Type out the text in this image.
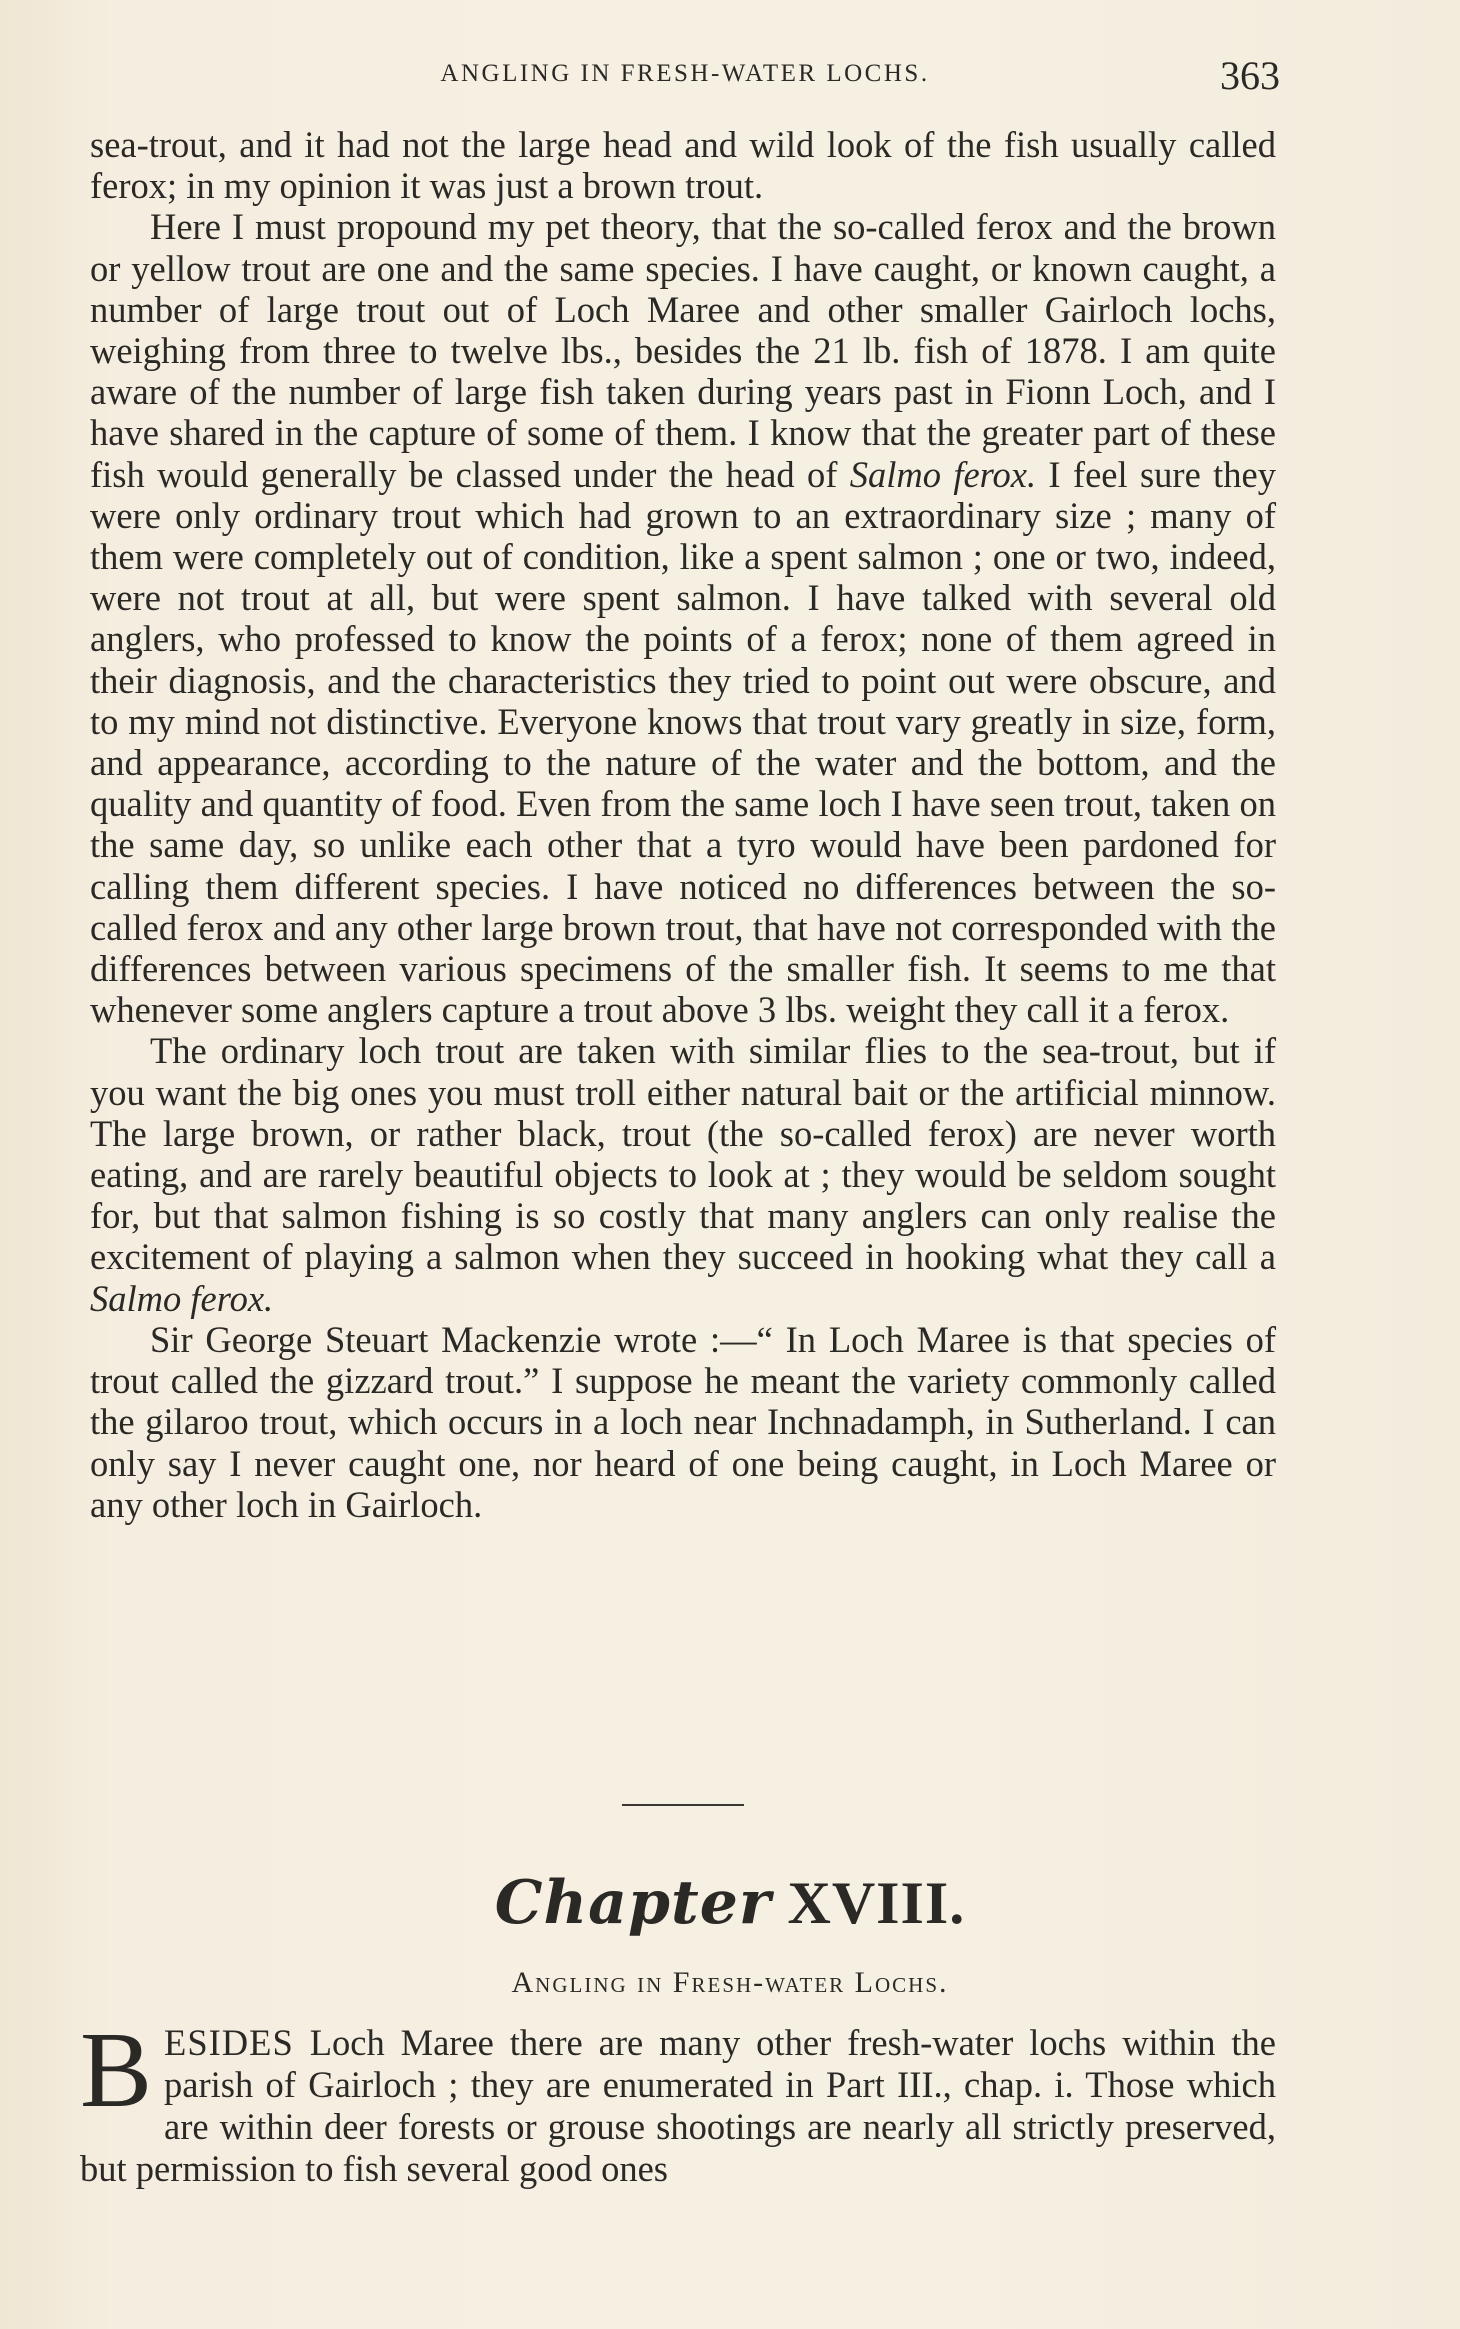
ANGLING IN FRESH-WATER LOCHS.	363

sea-trout, and it had not the large head and wild look of the fish usually called ferox; in my opinion it was just a brown trout.

Here I must propound my pet theory, that the so-called ferox and the brown or yellow trout are one and the same species. I have caught, or known caught, a number of large trout out of Loch Maree and other smaller Gairloch lochs, weighing from three to twelve lbs., besides the 21 lb. fish of 1878. I am quite aware of the number of large fish taken during years past in Fionn Loch, and I have shared in the capture of some of them. I know that the greater part of these fish would generally be classed under the head of Salmo ferox. I feel sure they were only ordinary trout which had grown to an extraordinary size ; many of them were completely out of condition, like a spent salmon ; one or two, indeed, were not trout at all, but were spent salmon. I have talked with several old anglers, who professed to know the points of a ferox; none of them agreed in their diagnosis, and the characteristics they tried to point out were obscure, and to my mind not distinctive. Everyone knows that trout vary greatly in size, form, and appearance, according to the nature of the water and the bottom, and the quality and quantity of food. Even from the same loch I have seen trout, taken on the same day, so unlike each other that a tyro would have been pardoned for calling them different species. I have noticed no differences between the so-called ferox and any other large brown trout, that have not corresponded with the differences between various specimens of the smaller fish. It seems to me that whenever some anglers capture a trout above 3 lbs. weight they call it a ferox.

The ordinary loch trout are taken with similar flies to the sea-trout, but if you want the big ones you must troll either natural bait or the artificial minnow. The large brown, or rather black, trout (the so-called ferox) are never worth eating, and are rarely beautiful objects to look at ; they would be seldom sought for, but that salmon fishing is so costly that many anglers can only realise the excitement of playing a salmon when they succeed in hooking what they call a Salmo ferox.

Sir George Steuart Mackenzie wrote :—“ In Loch Maree is that species of trout called the gizzard trout.” I suppose he meant the variety commonly called the gilaroo trout, which occurs in a loch near Inchnadamph, in Sutherland. I can only say I never caught one, nor heard of one being caught, in Loch Maree or any other loch in Gairloch.

Chapter XVIII.
Angling in Fresh-water Lochs.

BESIDES Loch Maree there are many other fresh-water lochs within the parish of Gairloch ; they are enumerated in Part III., chap. i. Those which are within deer forests or grouse shootings are nearly all strictly preserved, but permission to fish several good ones
